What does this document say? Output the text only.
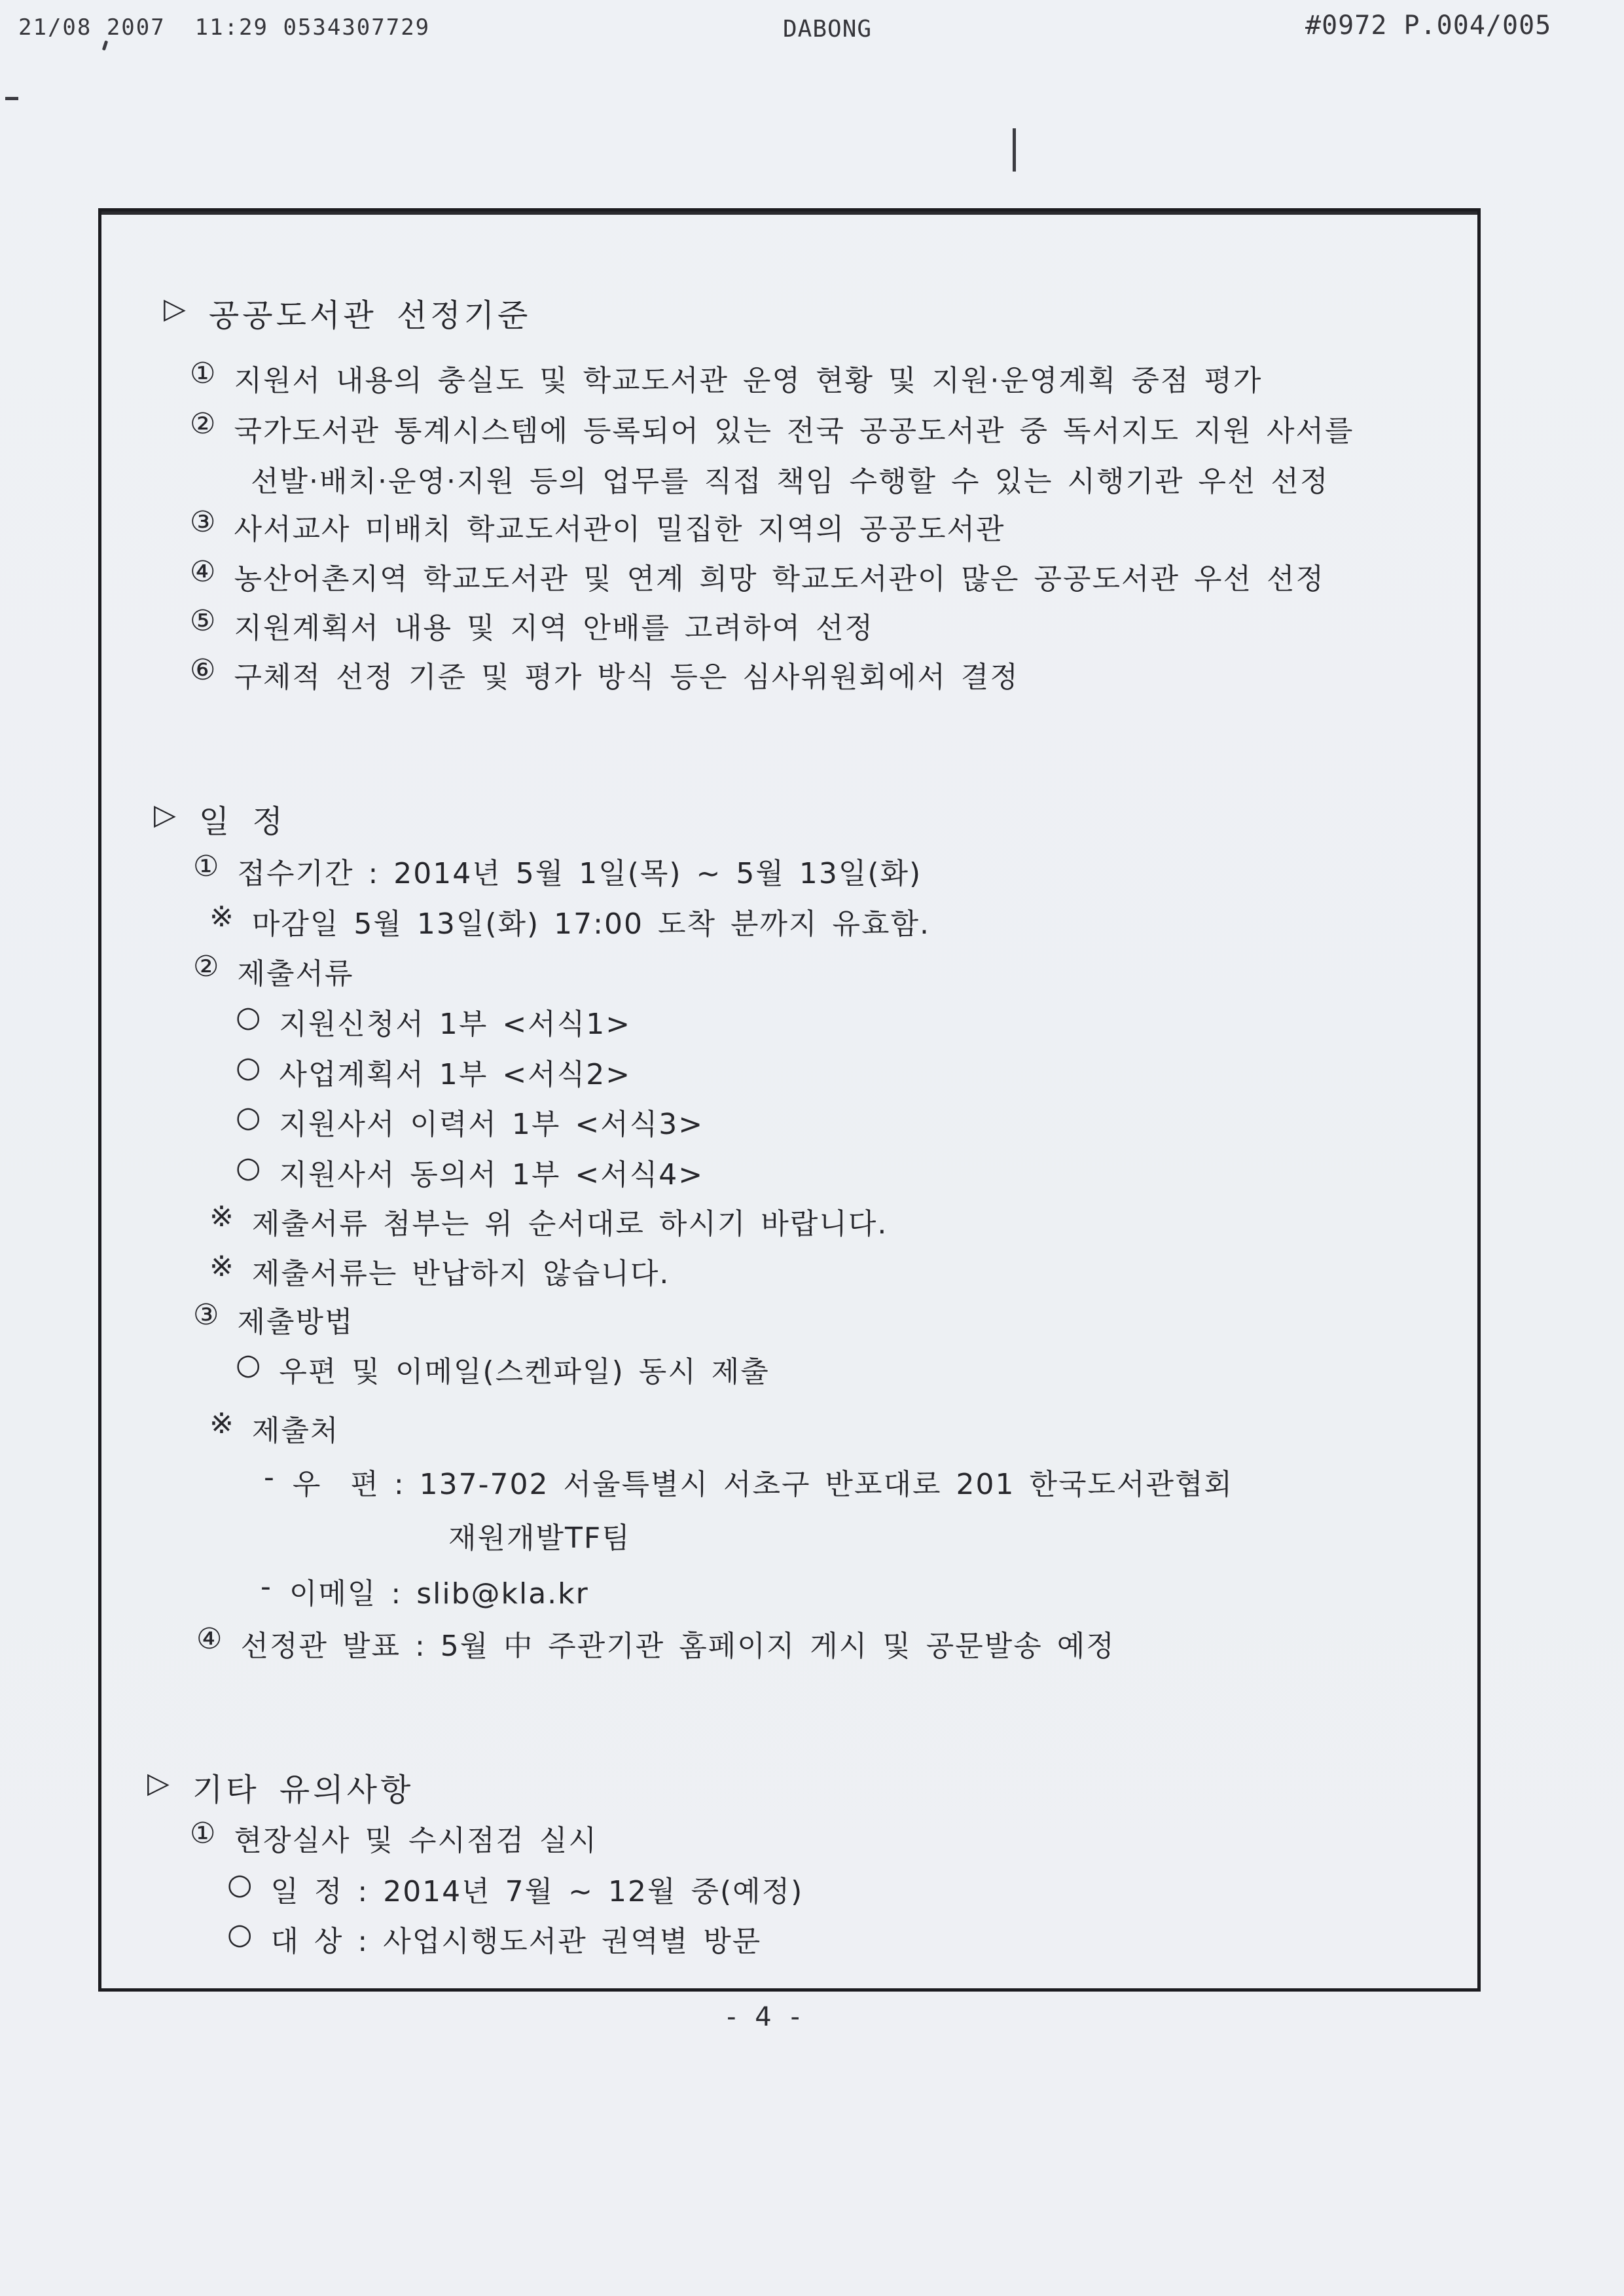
21/08 2007  11:29 0534307729	DABONG	#0972 P.004/005
▷ 공공도서관 선정기준
① 지원서 내용의 충실도 및 학교도서관 운영 현황 및 지원·운영계획 중점 평가
② 국가도서관 통계시스템에 등록되어 있는 전국 공공도서관 중 독서지도 지원 사서를
선발·배치·운영·지원 등의 업무를 직접 책임 수행할 수 있는 시행기관 우선 선정
③ 사서교사 미배치 학교도서관이 밀집한 지역의 공공도서관
④ 농산어촌지역 학교도서관 및 연계 희망 학교도서관이 많은 공공도서관 우선 선정
⑤ 지원계획서 내용 및 지역 안배를 고려하여 선정
⑥ 구체적 선정 기준 및 평가 방식 등은 심사위원회에서 결정
▷ 일 정
① 접수기간 : 2014년 5월 1일(목) ~ 5월 13일(화)
※ 마감일 5월 13일(화) 17:00 도착 분까지 유효함.
② 제출서류
○ 지원신청서 1부 <서식1>
○ 사업계획서 1부 <서식2>
○ 지원사서 이력서 1부 <서식3>
○ 지원사서 동의서 1부 <서식4>
※ 제출서류 첨부는 위 순서대로 하시기 바랍니다.
※ 제출서류는 반납하지 않습니다.
③ 제출방법
○ 우편 및 이메일(스켄파일) 동시 제출
※ 제출처
- 우  편 : 137-702 서울특별시 서초구 반포대로 201 한국도서관협회
재원개발TF팀
- 이메일 : slib@kla.kr
④ 선정관 발표 : 5월 中 주관기관 홈페이지 게시 및 공문발송 예정
▷ 기타 유의사항
① 현장실사 및 수시점검 실시
○ 일 정 : 2014년 7월 ~ 12월 중(예정)
○ 대 상 : 사업시행도서관 권역별 방문
- 4 -
